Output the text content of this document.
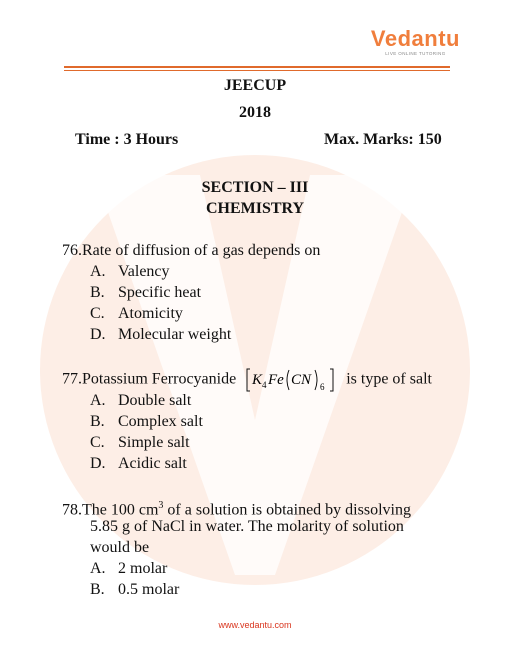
Vedantu
LIVE ONLINE TUTORING
JEECUP
2018
Time : 3 Hours	Max. Marks: 150
SECTION – III
CHEMISTRY
76.Rate of diffusion of a gas depends on
A. Valency
B. Specific heat
C. Atomicity
D. Molecular weight
77.Potassium Ferrocyanide K 4 Fe CN 6 is type of salt
A. Double salt
B. Complex salt
C. Simple salt
D. Acidic salt
78.The 100 $cm^3$ of a solution is obtained by dissolving
5.85 g of NaCl in water. The molarity of solution
would be
A. 2 molar
B. 0.5 molar
www.vedantu.com
